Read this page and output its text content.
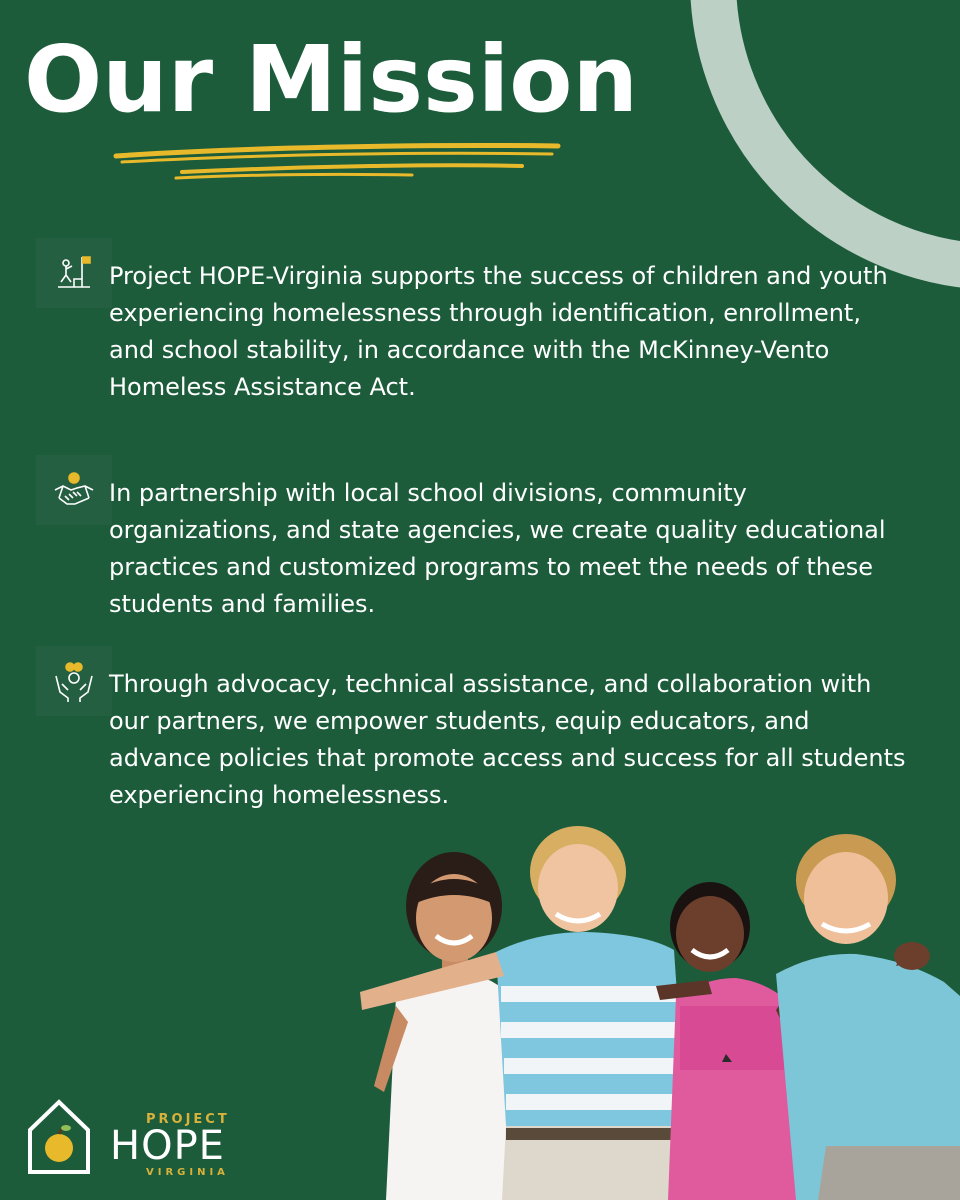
Our Mission

Project HOPE-Virginia supports the success of children and youth experiencing homelessness through identification, enrollment, and school stability, in accordance with the McKinney-Vento Homeless Assistance Act.

In partnership with local school divisions, community organizations, and state agencies, we create quality educational practices and customized programs to meet the needs of these students and families.

Through advocacy, technical assistance, and collaboration with our partners, we empower students, equip educators, and advance policies that promote access and success for all students experiencing homelessness.

PROJECT

HOPE

VIRGINIA
